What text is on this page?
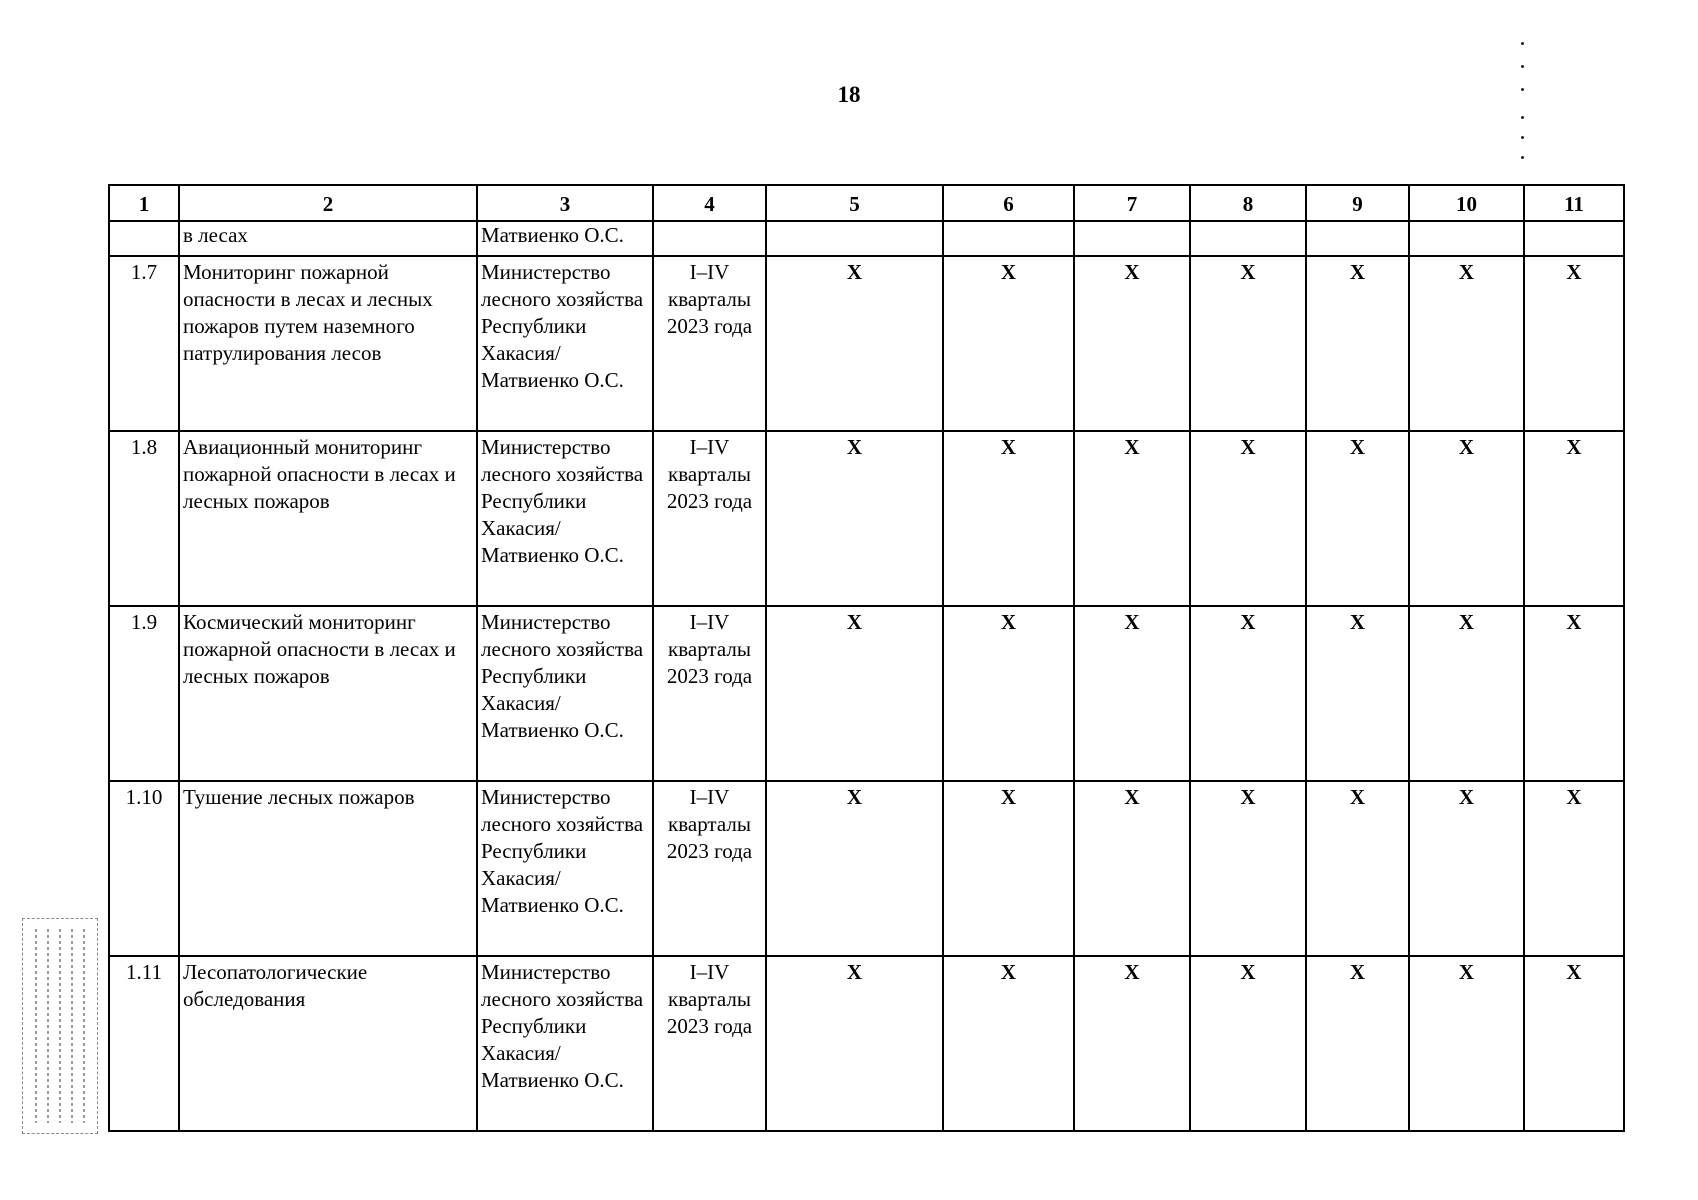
18
1	2	3	4	5	6	7	8	9	10	11
	в лесах	Матвиенко О.С.								
1.7	Мониторинг пожарной опасности в лесах и лесных пожаров путем наземного патрулирования лесов	Министерство лесного хозяйства Республики Хакасия/ Матвиенко О.С.	I–IV кварталы 2023 года	X	X	X	X	X	X	X
1.8	Авиационный мониторинг пожарной опасности в лесах и лесных пожаров	Министерство лесного хозяйства Республики Хакасия/ Матвиенко О.С.	I–IV кварталы 2023 года	X	X	X	X	X	X	X
1.9	Космический мониторинг пожарной опасности в лесах и лесных пожаров	Министерство лесного хозяйства Республики Хакасия/ Матвиенко О.С.	I–IV кварталы 2023 года	X	X	X	X	X	X	X
1.10	Тушение лесных пожаров	Министерство лесного хозяйства Республики Хакасия/ Матвиенко О.С.	I–IV кварталы 2023 года	X	X	X	X	X	X	X
1.11	Лесопатологические обследования	Министерство лесного хозяйства Республики Хакасия/ Матвиенко О.С.	I–IV кварталы 2023 года	X	X	X	X	X	X	X
